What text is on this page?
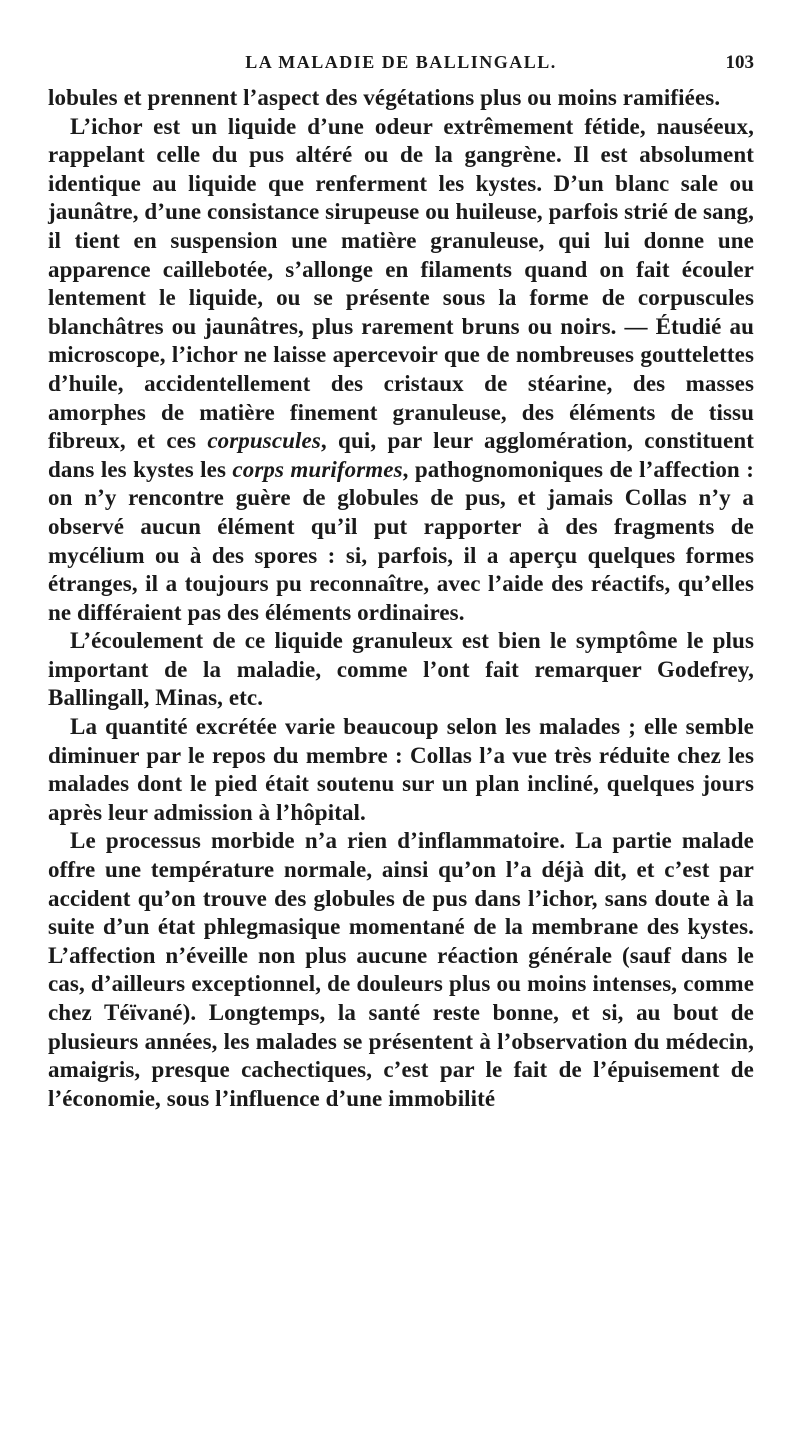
LA MALADIE DE BALLINGALL.	103

lobules et prennent l’aspect des végétations plus ou moins ramifiées.

L’ichor est un liquide d’une odeur extrêmement fétide, nauséeux, rappelant celle du pus altéré ou de la gangrène. Il est absolument identique au liquide que renferment les kystes. D’un blanc sale ou jaunâtre, d’une consistance sirupeuse ou huileuse, parfois strié de sang, il tient en suspension une matière granuleuse, qui lui donne une apparence caillebotée, s’allonge en filaments quand on fait écouler lentement le liquide, ou se présente sous la forme de corpuscules blanchâtres ou jaunâtres, plus rarement bruns ou noirs. — Étudié au microscope, l’ichor ne laisse apercevoir que de nombreuses gouttelettes d’huile, accidentellement des cristaux de stéarine, des masses amorphes de matière finement granuleuse, des éléments de tissu fibreux, et ces corpuscules, qui, par leur agglomération, constituent dans les kystes les corps muriformes, pathognomoniques de l’affection : on n’y rencontre guère de globules de pus, et jamais Collas n’y a observé aucun élément qu’il put rapporter à des fragments de mycélium ou à des spores : si, parfois, il a aperçu quelques formes étranges, il a toujours pu reconnaître, avec l’aide des réactifs, qu’elles ne différaient pas des éléments ordinaires.

L’écoulement de ce liquide granuleux est bien le symptôme le plus important de la maladie, comme l’ont fait remarquer Godefrey, Ballingall, Minas, etc.

La quantité excrétée varie beaucoup selon les malades ; elle semble diminuer par le repos du membre : Collas l’a vue très réduite chez les malades dont le pied était soutenu sur un plan incliné, quelques jours après leur admission à l’hôpital.

Le processus morbide n’a rien d’inflammatoire. La partie malade offre une température normale, ainsi qu’on l’a déjà dit, et c’est par accident qu’on trouve des globules de pus dans l’ichor, sans doute à la suite d’un état phlegmasique momentané de la membrane des kystes. L’affection n’éveille non plus aucune réaction générale (sauf dans le cas, d’ailleurs exceptionnel, de douleurs plus ou moins intenses, comme chez Téïvané). Longtemps, la santé reste bonne, et si, au bout de plusieurs années, les malades se présentent à l’observation du médecin, amaigris, presque cachectiques, c’est par le fait de l’épuisement de l’économie, sous l’influence d’une immobilité
